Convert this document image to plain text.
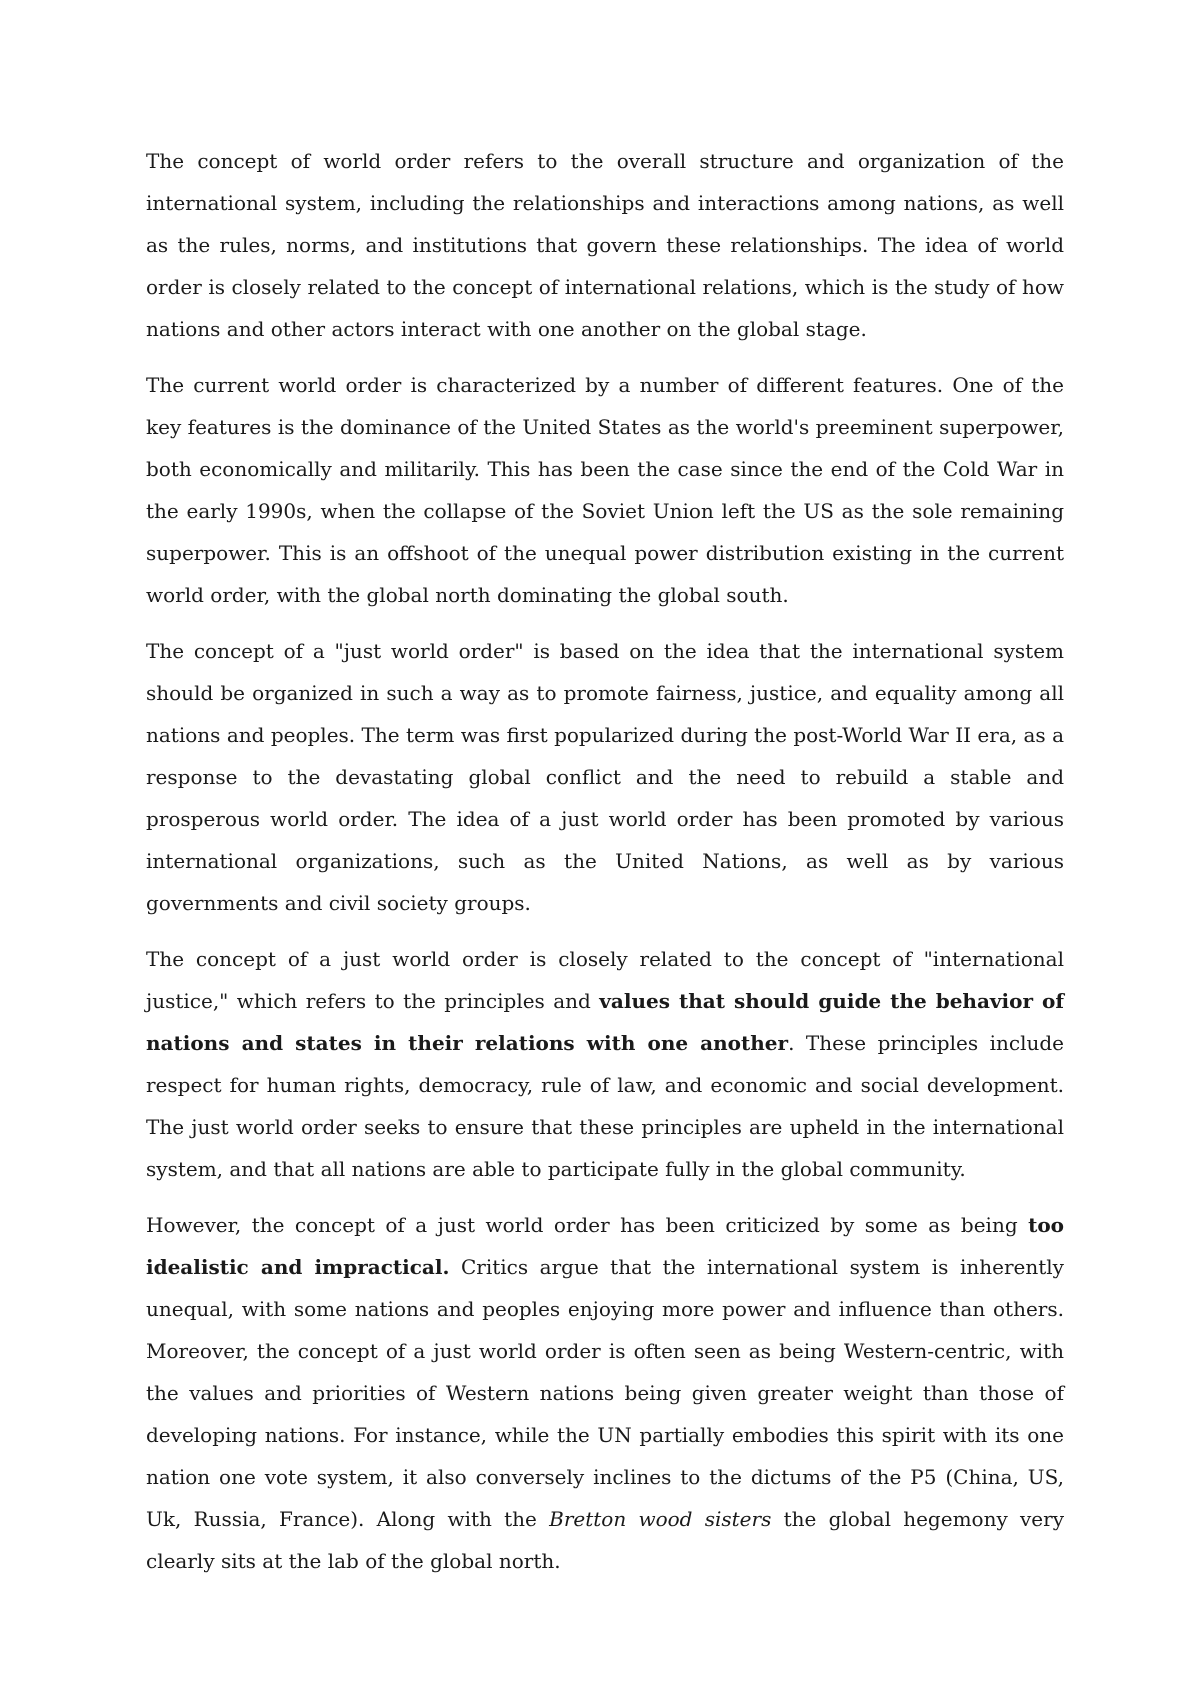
The concept of world order refers to the overall structure and organization of the international system, including the relationships and interactions among nations, as well as the rules, norms, and institutions that govern these relationships. The idea of world order is closely related to the concept of international relations, which is the study of how nations and other actors interact with one another on the global stage.

The current world order is characterized by a number of different features. One of the key features is the dominance of the United States as the world's preeminent superpower, both economically and militarily. This has been the case since the end of the Cold War in the early 1990s, when the collapse of the Soviet Union left the US as the sole remaining superpower. This is an offshoot of the unequal power distribution existing in the current world order, with the global north dominating the global south.

The concept of a "just world order" is based on the idea that the international system should be organized in such a way as to promote fairness, justice, and equality among all nations and peoples. The term was first popularized during the post-World War II era, as a response to the devastating global conflict and the need to rebuild a stable and prosperous world order. The idea of a just world order has been promoted by various international organizations, such as the United Nations, as well as by various governments and civil society groups.

The concept of a just world order is closely related to the concept of "international justice," which refers to the principles and values that should guide the behavior of nations and states in their relations with one another. These principles include respect for human rights, democracy, rule of law, and economic and social development. The just world order seeks to ensure that these principles are upheld in the international system, and that all nations are able to participate fully in the global community.

However, the concept of a just world order has been criticized by some as being too idealistic and impractical. Critics argue that the international system is inherently unequal, with some nations and peoples enjoying more power and influence than others. Moreover, the concept of a just world order is often seen as being Western-centric, with the values and priorities of Western nations being given greater weight than those of developing nations. For instance, while the UN partially embodies this spirit with its one nation one vote system, it also conversely inclines to the dictums of the P5 (China, US, Uk, Russia, France). Along with the Bretton wood sisters the global hegemony very clearly sits at the lab of the global north.
